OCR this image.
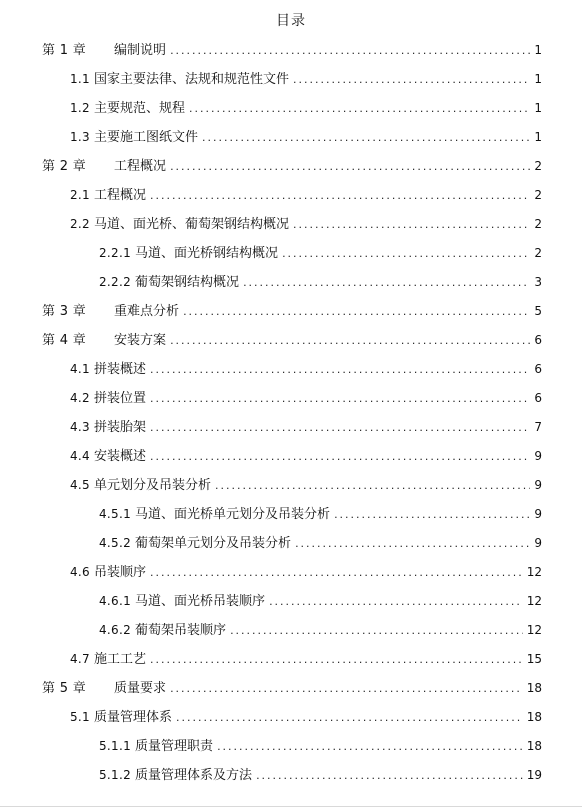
目录
第 1 章 编制说明 .....	1
1.1 国家主要法律、法规和规范性文件 .....	1
1.2 主要规范、规程 .....	1
1.3 主要施工图纸文件 .....	1
第 2 章 工程概况 .....	2
2.1 工程概况 .....	2
2.2 马道、面光桥、葡萄架钢结构概况 .....	2
2.2.1 马道、面光桥钢结构概况 .....	2
2.2.2 葡萄架钢结构概况 .....	3
第 3 章 重难点分析 .....	5
第 4 章 安装方案 .....	6
4.1 拼装概述 .....	6
4.2 拼装位置 .....	6
4.3 拼装胎架 .....	7
4.4 安装概述 .....	9
4.5 单元划分及吊装分析 .....	9
4.5.1 马道、面光桥单元划分及吊装分析 .....	9
4.5.2 葡萄架单元划分及吊装分析 .....	9
4.6 吊装顺序 .....	12
4.6.1 马道、面光桥吊装顺序 .....	12
4.6.2 葡萄架吊装顺序 .....	12
4.7 施工工艺 .....	15
第 5 章 质量要求 .....	18
5.1 质量管理体系 .....	18
5.1.1 质量管理职责 .....	18
5.1.2 质量管理体系及方法 .....	19
